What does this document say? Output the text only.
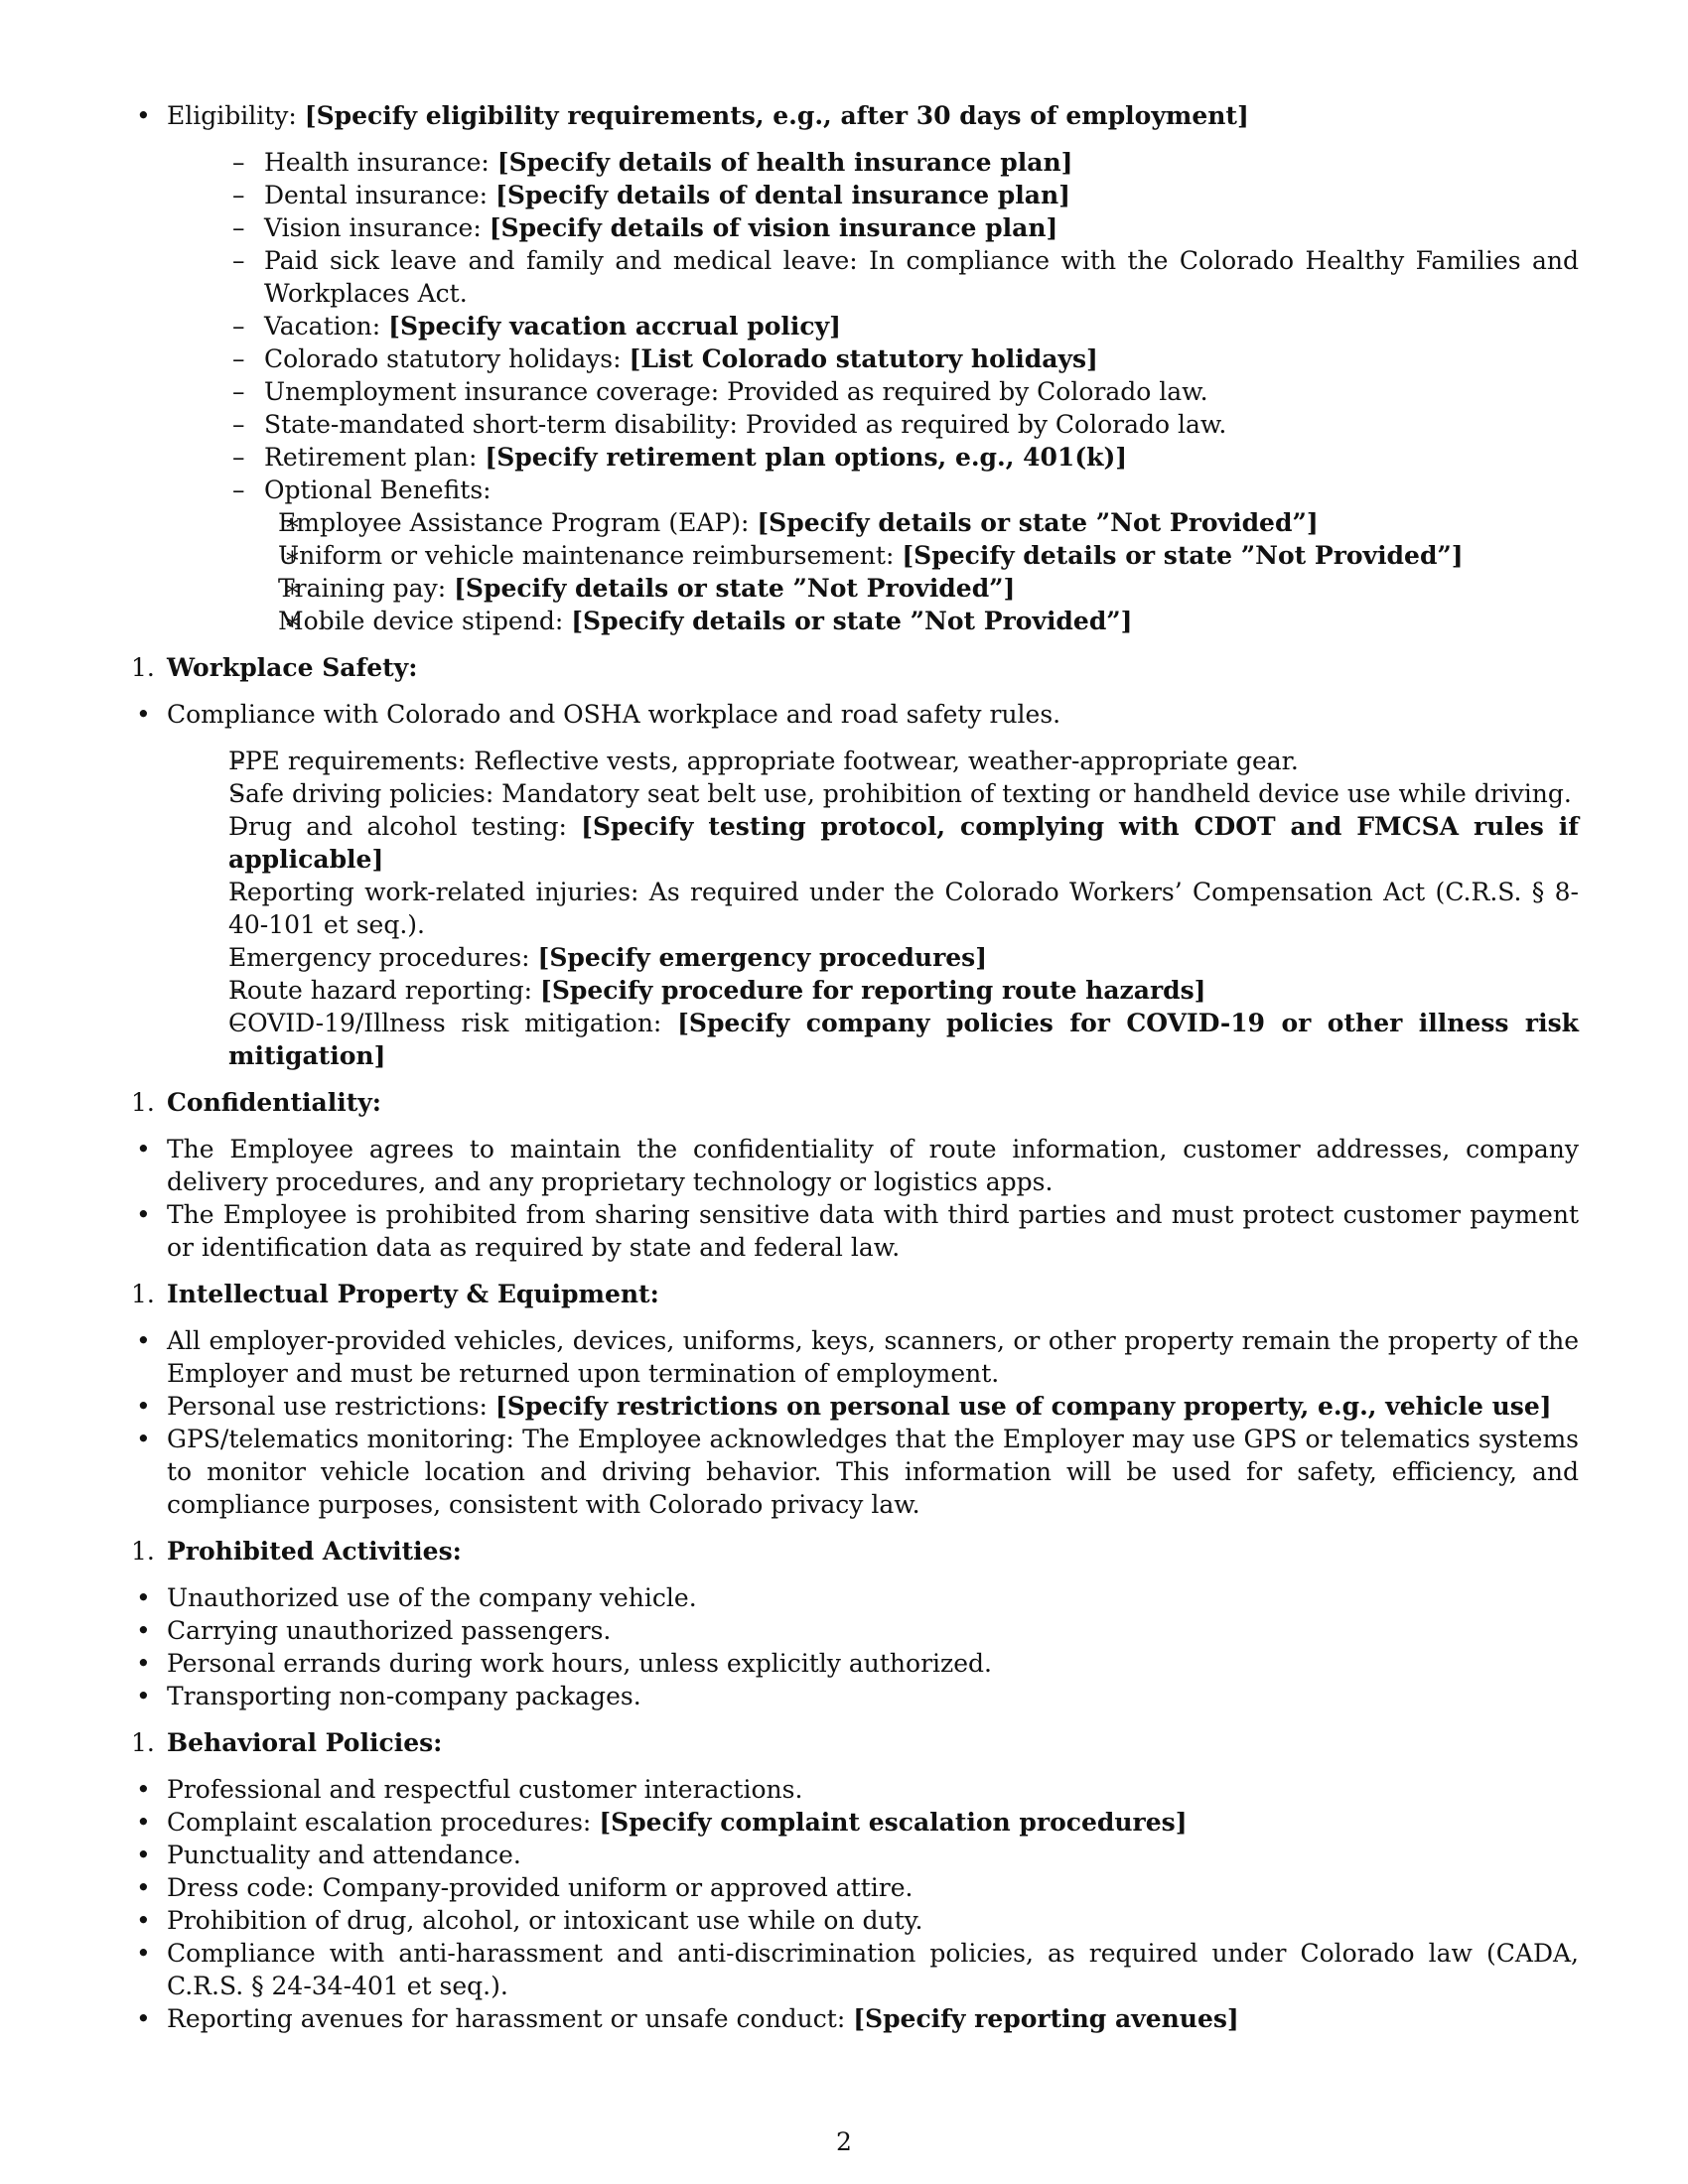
• Eligibility: [Specify eligibility requirements, e.g., after 30 days of employment]
– Health insurance: [Specify details of health insurance plan]
– Dental insurance: [Specify details of dental insurance plan]
– Vision insurance: [Specify details of vision insurance plan]
– Paid sick leave and family and medical leave: In compliance with the Colorado Healthy Families and Workplaces Act.
– Vacation: [Specify vacation accrual policy]
– Colorado statutory holidays: [List Colorado statutory holidays]
– Unemployment insurance coverage: Provided as required by Colorado law.
– State-mandated short-term disability: Provided as required by Colorado law.
– Retirement plan: [Specify retirement plan options, e.g., 401(k)]
– Optional Benefits:
∗ Employee Assistance Program (EAP): [Specify details or state ”Not Provided”]
∗ Uniform or vehicle maintenance reimbursement: [Specify details or state ”Not Provided”]
∗ Training pay: [Specify details or state ”Not Provided”]
∗ Mobile device stipend: [Specify details or state ”Not Provided”]
1. Workplace Safety:
• Compliance with Colorado and OSHA workplace and road safety rules.
– PPE requirements: Reflective vests, appropriate footwear, weather-appropriate gear.
– Safe driving policies: Mandatory seat belt use, prohibition of texting or handheld device use while driving.
– Drug and alcohol testing: [Specify testing protocol, complying with CDOT and FMCSA rules if applicable]
– Reporting work-related injuries: As required under the Colorado Workers’ Compensation Act (C.R.S. § 8-40-101 et seq.).
– Emergency procedures: [Specify emergency procedures]
– Route hazard reporting: [Specify procedure for reporting route hazards]
– COVID-19/Illness risk mitigation: [Specify company policies for COVID-19 or other illness risk mitigation]
1. Confidentiality:
• The Employee agrees to maintain the confidentiality of route information, customer addresses, company delivery procedures, and any proprietary technology or logistics apps.
• The Employee is prohibited from sharing sensitive data with third parties and must protect customer payment or identification data as required by state and federal law.
1. Intellectual Property & Equipment:
• All employer-provided vehicles, devices, uniforms, keys, scanners, or other property remain the property of the Employer and must be returned upon termination of employment.
• Personal use restrictions: [Specify restrictions on personal use of company property, e.g., vehicle use]
• GPS/telematics monitoring: The Employee acknowledges that the Employer may use GPS or telematics systems to monitor vehicle location and driving behavior. This information will be used for safety, efficiency, and compliance purposes, consistent with Colorado privacy law.
1. Prohibited Activities:
• Unauthorized use of the company vehicle.
• Carrying unauthorized passengers.
• Personal errands during work hours, unless explicitly authorized.
• Transporting non-company packages.
1. Behavioral Policies:
• Professional and respectful customer interactions.
• Complaint escalation procedures: [Specify complaint escalation procedures]
• Punctuality and attendance.
• Dress code: Company-provided uniform or approved attire.
• Prohibition of drug, alcohol, or intoxicant use while on duty.
• Compliance with anti-harassment and anti-discrimination policies, as required under Colorado law (CADA, C.R.S. § 24-34-401 et seq.).
• Reporting avenues for harassment or unsafe conduct: [Specify reporting avenues]
2
